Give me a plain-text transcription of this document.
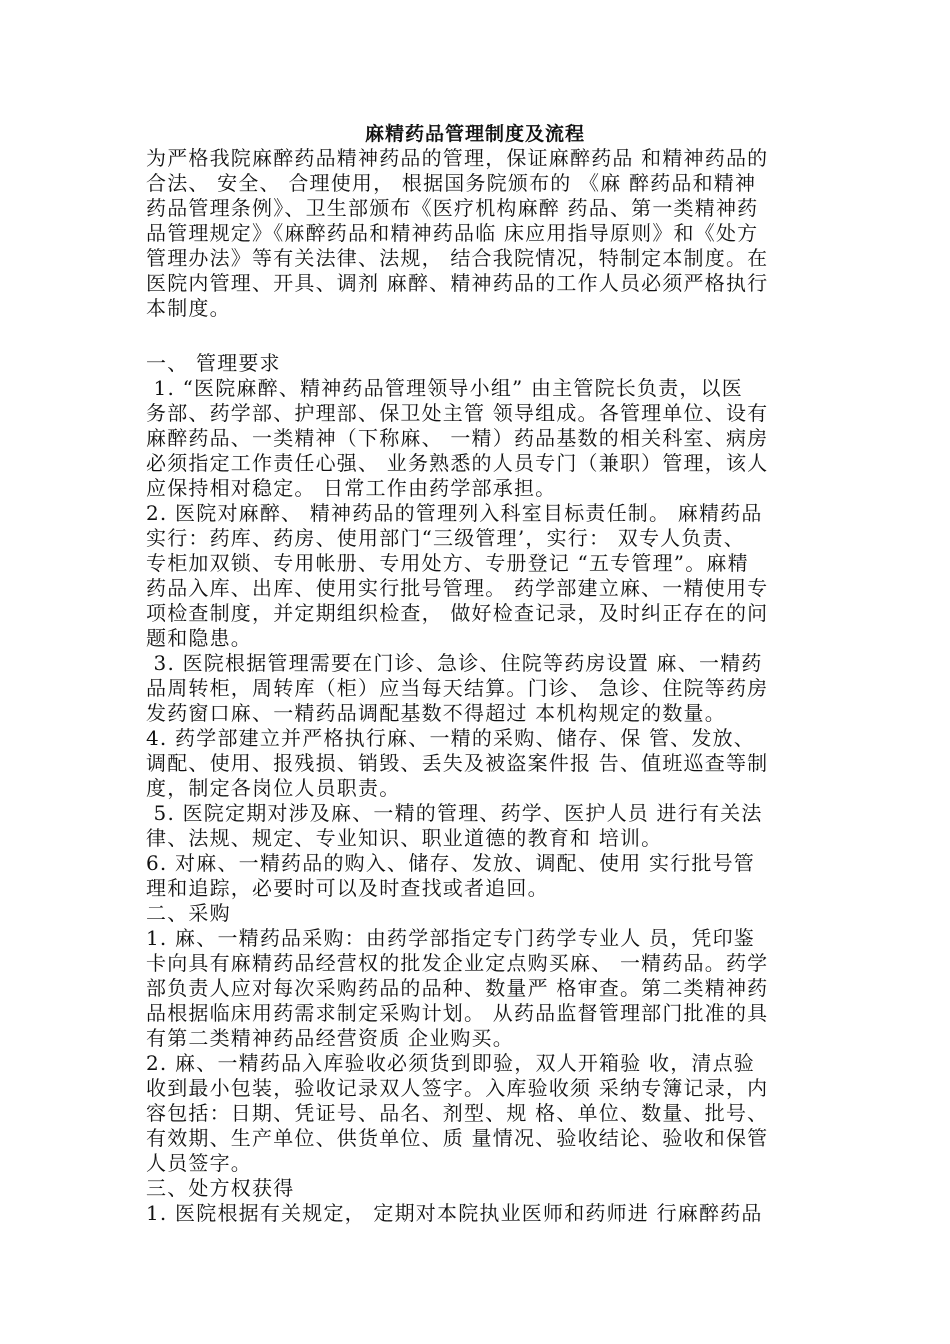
麻精药品管理制度及流程
为严格我院麻醉药品精神药品的管理，保证麻醉药品 和精神药品的
合法、 安全、 合理使用， 根据国务院颁布的 《麻 醉药品和精神
药品管理条例》、卫生部颁布《医疗机构麻醉 药品、第一类精神药
品管理规定》《麻醉药品和精神药品临 床应用指导原则》和《处方
管理办法》等有关法律、法规， 结合我院情况，特制定本制度。在
医院内管理、开具、调剂 麻醉、精神药品的工作人员必须严格执行
本制度。
一、 管理要求
1. “医院麻醉、精神药品管理领导小组” 由主管院长负责，以医
务部、药学部、护理部、保卫处主管 领导组成。各管理单位、设有
麻醉药品、一类精神（下称麻、 一精）药品基数的相关科室、病房
必须指定工作责任心强、 业务熟悉的人员专门（兼职）管理，该人
应保持相对稳定。 日常工作由药学部承担。
2. 医院对麻醉、 精神药品的管理列入科室目标责任制。 麻精药品
实行：药库、药房、使用部门“三级管理’，实行： 双专人负责、
专柜加双锁、专用帐册、专用处方、专册登记 “五专管理”。麻精
药品入库、出库、使用实行批号管理。 药学部建立麻、一精使用专
项检查制度，并定期组织检查， 做好检查记录，及时纠正存在的问
题和隐患。
3. 医院根据管理需要在门诊、急诊、住院等药房设置 麻、一精药
品周转柜，周转库（柜）应当每天结算。门诊、 急诊、住院等药房
发药窗口麻、一精药品调配基数不得超过 本机构规定的数量。
4. 药学部建立并严格执行麻、一精的采购、储存、保 管、发放、
调配、使用、报残损、销毁、丢失及被盗案件报 告、值班巡查等制
度，制定各岗位人员职责。
5. 医院定期对涉及麻、一精的管理、药学、医护人员 进行有关法
律、法规、规定、专业知识、职业道德的教育和 培训。
6. 对麻、一精药品的购入、储存、发放、调配、使用 实行批号管
理和追踪，必要时可以及时查找或者追回。
二、采购
1. 麻、一精药品采购：由药学部指定专门药学专业人 员，凭印鉴
卡向具有麻精药品经营权的批发企业定点购买麻、 一精药品。药学
部负责人应对每次采购药品的品种、数量严 格审查。第二类精神药
品根据临床用药需求制定采购计划。 从药品监督管理部门批准的具
有第二类精神药品经营资质 企业购买。
2. 麻、一精药品入库验收必须货到即验，双人开箱验 收，清点验
收到最小包装，验收记录双人签字。入库验收须 采纳专簿记录，内
容包括：日期、凭证号、品名、剂型、规 格、单位、数量、批号、
有效期、生产单位、供货单位、质 量情况、验收结论、验收和保管
人员签字。
三、处方权获得
1. 医院根据有关规定， 定期对本院执业医师和药师进 行麻醉药品
